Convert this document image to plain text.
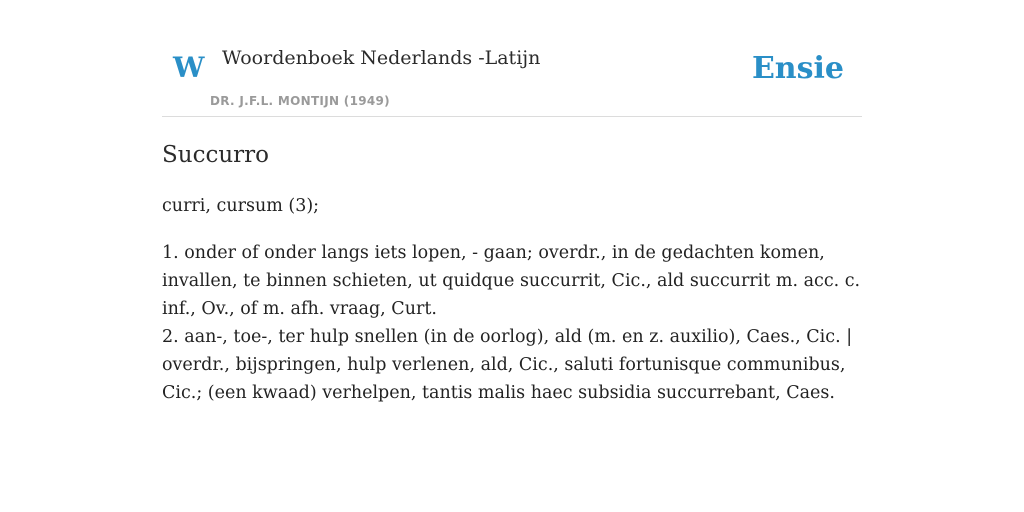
W Woordenboek Nederlands -Latijn
DR. J.F.L. MONTIJN (1949)
Ensie
Succurro
curri, cursum (3);
1. onder of onder langs iets lopen, - gaan; overdr., in de gedachten komen, invallen, te binnen schieten, ut quidque succurrit, Cic., ald succurrit m. acc. c. inf., Ov., of m. afh. vraag, Curt.
2. aan-, toe-, ter hulp snellen (in de oorlog), ald (m. en z. auxilio), Caes., Cic. | overdr., bijspringen, hulp verlenen, ald, Cic., saluti fortunisque communibus, Cic.; (een kwaad) verhelpen, tantis malis haec subsidia succurrebant, Caes.
